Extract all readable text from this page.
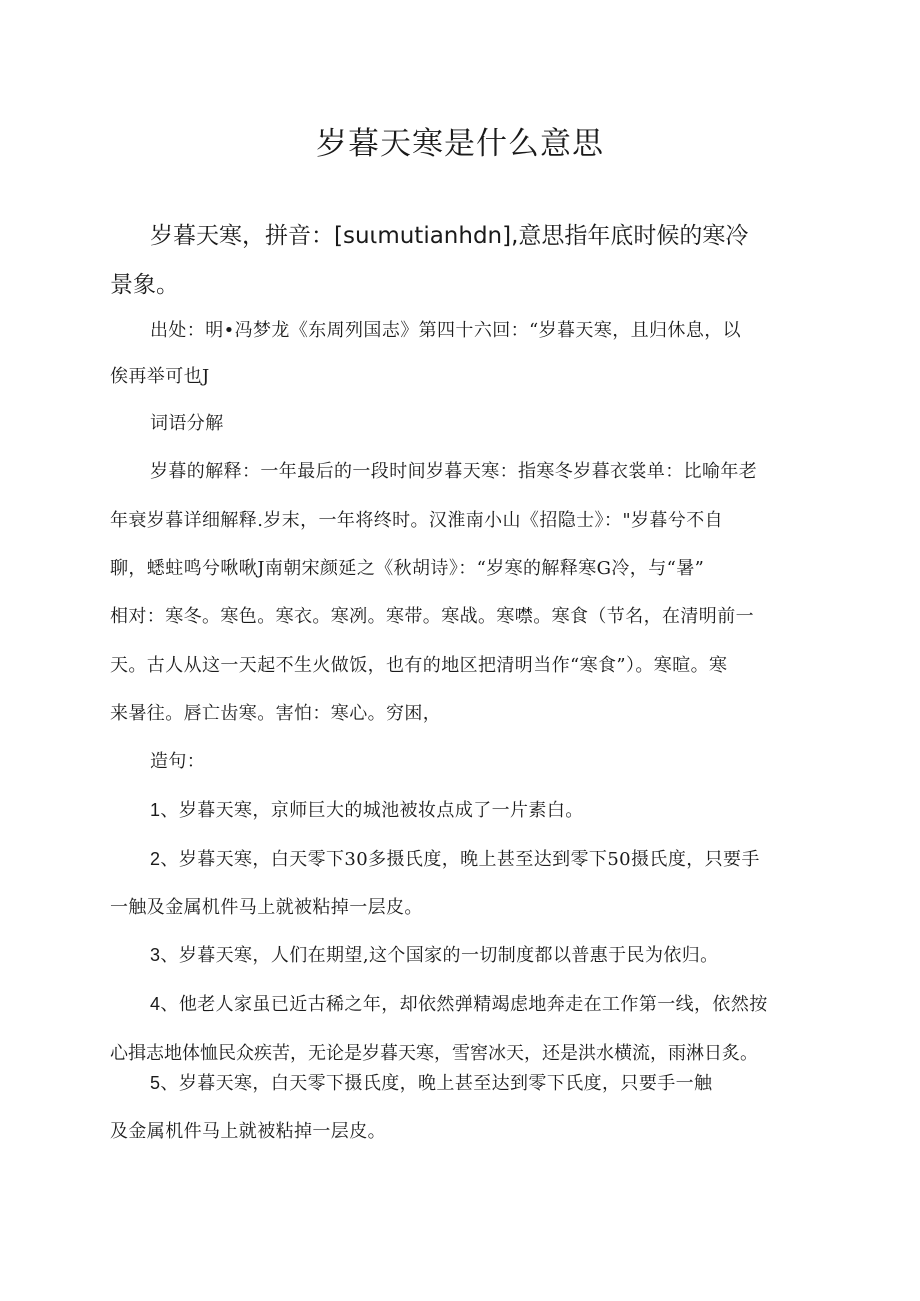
岁暮天寒是什么意思
岁暮天寒，拼音：[suιmutianhdn],意思指年底时候的寒冷
景象。
出处：明•冯梦龙《东周列国志》第四十六回：“岁暮天寒，且归休息，以
俟再举可也J
词语分解
岁暮的解释：一年最后的一段时间岁暮天寒：指寒冬岁暮衣裳单：比喻年老
年衰岁暮详细解释.岁末，一年将终时。汉淮南小山《招隐士》："岁暮兮不自
聊，蟋蛀鸣兮啾啾J南朝宋颜延之《秋胡诗》：“岁寒的解释寒G冷，与“暑”
相对：寒冬。寒色。寒衣。寒冽。寒带。寒战。寒噤。寒食（节名，在清明前一
天。古人从这一天起不生火做饭，也有的地区把清明当作“寒食”）。寒暄。寒
来暑往。唇亡齿寒。害怕：寒心。穷困，
造句：
1、岁暮天寒，京师巨大的城池被妆点成了一片素白。
2、岁暮天寒，白天零下30多摄氏度，晚上甚至达到零下50摄氏度，只要手
一触及金属机件马上就被粘掉一层皮。
3、岁暮天寒，人们在期望,这个国家的一切制度都以普惠于民为依归。
4、他老人家虽已近古稀之年，却依然弹精竭虑地奔走在工作第一线，依然按
心揖志地体恤民众疾苦，无论是岁暮天寒，雪窖冰天，还是洪水横流，雨淋日炙。
5、岁暮天寒，白天零下摄氏度，晚上甚至达到零下氏度，只要手一触
及金属机件马上就被粘掉一层皮。
